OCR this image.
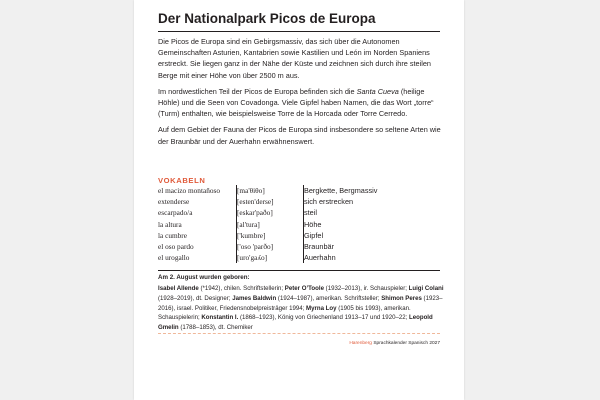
Der Nationalpark Picos de Europa

Die Picos de Europa sind ein Gebirgsmassiv, das sich über die Autonomen Gemeinschaften Asturien, Kantabrien sowie Kastilien und León im Norden Spaniens erstreckt. Sie liegen ganz in der Nähe der Küste und zeichnen sich durch ihre steilen Berge mit einer Höhe von über 2500 m aus.

Im nordwestlichen Teil der Picos de Europa befinden sich die Santa Cueva (heilige Höhle) und die Seen von Covadonga. Viele Gipfel haben Namen, die das Wort „torre“ (Turm) enthalten, wie beispielsweise Torre de la Horcada oder Torre Cerredo.

Auf dem Gebiet der Fauna der Picos de Europa sind insbesondere so seltene Arten wie der Braunbär und der Auerhahn erwähnenswert.

VOKABELN
el macizo montañoso	[ma'θiθo]	Bergkette, Bergmassiv
extenderse	[esten'derse]	sich erstrecken
escarpado/a	[eskar'paðo]	steil
la altura	[al'tura]	Höhe
la cumbre	['kumbre]	Gipfel
el oso pardo	['oso 'parðo]	Braunbär
el urogallo	[uro'gaʎo]	Auerhahn
Am 2. August wurden geboren:
Isabel Allende (*1942), chilen. Schriftstellerin; Peter O’Toole (1932–2013), ir. Schauspieler; Luigi Colani (1928–2019), dt. Designer; James Baldwin (1924–1987), amerikan. Schriftsteller; Shimon Peres (1923–2016), israel. Politiker, Friedensnobelpreisträger 1994; Myrna Loy (1905 bis 1993), amerikan. Schauspielerin; Konstantin I. (1868–1923), König von Griechenland 1913–17 und 1920–22; Leopold Gmelin (1788–1853), dt. Chemiker
Harenberg Sprachkalender Spanisch 2027
